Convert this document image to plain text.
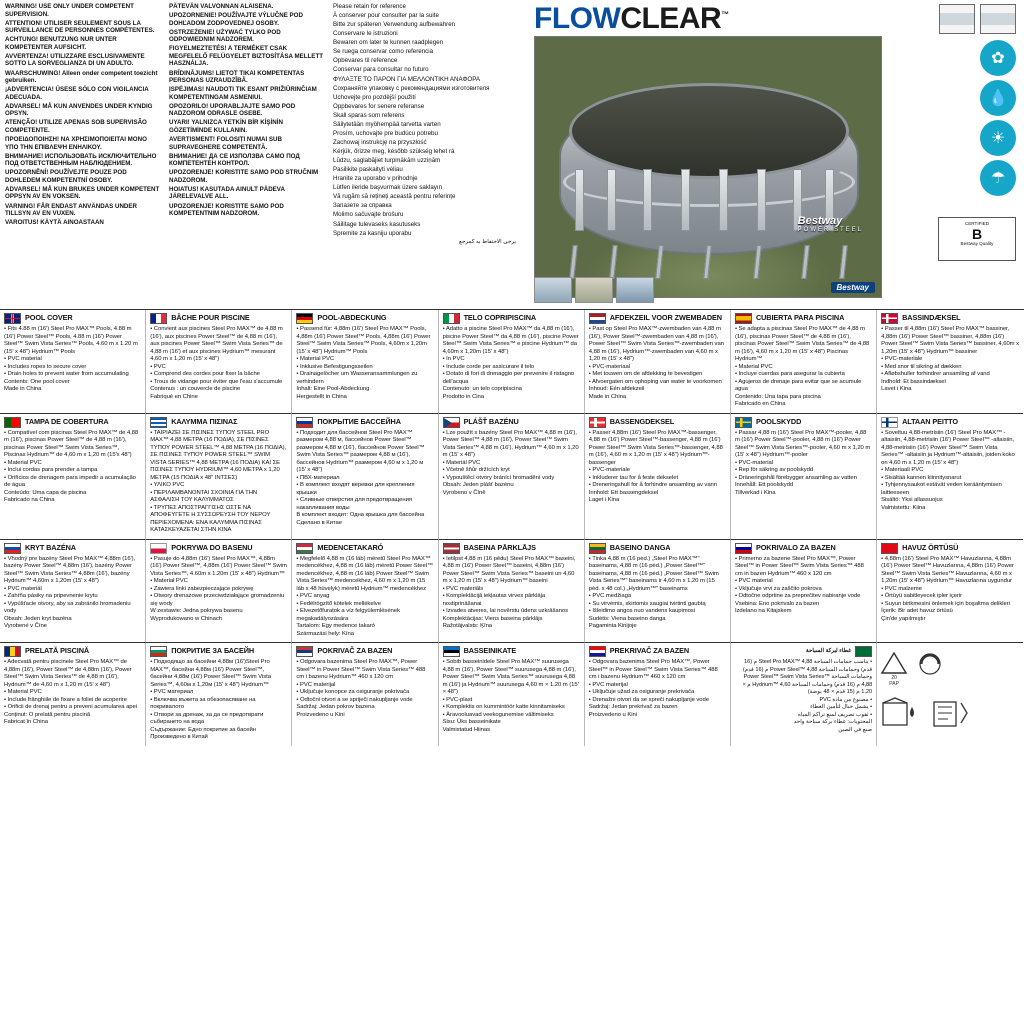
WARNING! USE ONLY UNDER COMPETENT SUPERVISION.

ATTENTION! UTILISER SEULEMENT SOUS LA SURVEILLANCE DE PERSONNES COMPÉTENTES.

ACHTUNG! BENUTZUNG NUR UNTER KOMPETENTER AUFSICHT.

AVVERTENZA! UTILIZZARE ESCLUSIVAMENTE SOTTO LA SORVEGLIANZA DI UN ADULTO.

WAARSCHUWING! Alleen onder competent toezicht gebruiken.

¡ADVERTENCIA! ÚSESE SÓLO CON VIGILANCIA ADECUADA.

ADVARSEL! MÅ KUN ANVENDES UNDER KYNDIG OPSYN.

ATENÇÃO! UTILIZE APENAS SOB SUPERVISÃO COMPETENTE.

ΠΡΟΕΙΔΟΠΟΙΗΣΗ! ΝΑ ΧΡΗΣΙΜΟΠΟΙΕΙΤΑΙ ΜΟΝΟ ΥΠΟ ΤΗΝ ΕΠΙΒΛΕΨΗ ΕΝΗΛΙΚΟΥ.

ВНИМАНИЕ! ИСПОЛЬЗОВАТЬ ИСКЛЮЧИТЕЛЬНО ПОД ОТВЕТСТВЕННЫМ НАБЛЮДЕНИЕМ.

UPOZORNĚNÍ! POUŽÍVEJTE POUZE POD DOHLEDEM KOMPETENTNÍ OSOBY.

ADVARSEL! MÅ KUN BRUKES UNDER KOMPETENT OPPSYN AV EN VOKSEN.

VARNING! FÅR ENDAST ANVÄNDAS UNDER TILLSYN AV EN VUXEN.

VAROITUS! KÄYTÄ AINOASTAAN

PÄTEVÄN VALVONNAN ALAISENA.

UPOZORNENIE! POUŽÍVAJTE VÝLUČNE POD DOHĽADOM ZODPOVEDNEJ OSOBY.

OSTRZEŻENIE! UŻYWAĆ TYLKO POD ODPOWIEDNIM NADZOREM.

FIGYELMEZTETÉS! A TERMÉKET CSAK MEGFELELŐ FELÜGYELET BIZTOSÍTÁSA MELLETT HASZNÁLJA.

BRĪDINĀJUMS! LIETOT TIKAI KOMPETENTAS PERSONAS UZRAUDZĪBĀ.

ĮSPĖJIMAS! NAUDOTI TIK ESANT PRIŽIŪRINČIAM KOMPETENTINGAM ASMENIUI.

OPOZORILO! UPORABLJAJTE SAMO POD NADZOROM ODRASLE OSEBE.

UYARI! YALNIZCA YETKİN BİR KİŞİNİN GÖZETİMİNDE KULLANIN.

AVERTISMENT! FOLOSIȚI NUMAI SUB SUPRAVEGHERE COMPETENTĂ.

ВНИМАНИЕ! ДА СЕ ИЗПОЛЗВА САМО ПОД КОМПЕТЕНТЕН КОНТРОЛ.

UPOZORENJE! KORISTITE SAMO POD STRUČNIM NADZOROM.

HOIATUS! KASUTADA AINULT PÄDEVA JÄRELEVALVE ALL.

UPOZORENJE! KORISTITE SAMO POD KOMPETENTNIM NADZOROM.

Please retain for reference

À conserver pour consulter par la suite

Bitte zur späteren Verwendung aufbewahren

Conservare le istruzioni

Bewaren om later te kunnen raadplegen

Se ruega conservar como referencia

Opbevares til reference

Conservar para consultar no futuro

ΦΥΛΑΞΤΕ ΤΟ ΠΑΡΟΝ ΓΙΑ ΜΕΛΛΟΝΤΙΚΗ ΑΝΑΦΟΡΑ

Сохраняйте упаковку с рекомендациями изготовителя

Uchovejte pro pozdější použití

Oppbevares for senere referanse

Skall sparas som referens

Säilytetään myöhempää tarvetta varten

Prosím, uchovajte pre budúcu potrebu

Zachowaj instrukcję na przyszłość

Kérjük, őrizze meg, később szükség lehet rá

Lūdzu, saglabājiet turpmākām uzziņām

Pasilikite paskaityti vėliau

Hranite za uporabo v prihodnje

Lütfen ileride başvurmak üzere saklayın

Vă rugăm să rețineți această pentru referințe

Запазете за справка

Molimo sačuvajte brošuru

Säilitage tulevaseks kasutuseks

Spremite za kasniju uporabu

يرجى الاحتفاظ به كمرجع

FLOWCLEAR™
Bestway
POWER STEEL
Bestway
✿
💧
☀
☂
CERTIFIED
B
Bestway Quality
POOL COVER

• Fits 4.88 m (16') Steel Pro MAX™ Pools, 4.88 m (16') Power Steel™ Pools, 4.88 m (16') Power Steel™ Swim Vista Series™ Pools, 4.60 m x 1.20 m (15' x 48") Hydrium™ Pools

• PVC material

• Includes ropes to secure cover

• Drain holes to prevent water from accumulating

Contents: One pool cover

Made in China

BÂCHE POUR PISCINE

• Convient aux piscines Steel Pro MAX™ de 4,88 m (16'), aux piscines Power Steel™ de 4,88 m (16'), aux piscines Power Steel™ Swim Vista Series™ de 4,88 m (16') et aux piscines Hydrium™ mesurant 4,60 m x 1,20 m (15' x 48")

• PVC

• Comprend des cordes pour fixer la bâche

• Trous de vidange pour éviter que l'eau s'accumule

Contenus : un couvercle de piscine

Fabriqué en Chine

POOL-ABDECKUNG

• Passend für: 4,88m (16') Steel Pro MAX™ Pools, 4,88m (16') Power Steel™ Pools, 4,88m (16') Power Steel™ Swim Vista Series™ Pools, 4,60m x 1,20m (15' x 48") Hydrium™ Pools

• Material PVC

• Inklusive Befestigungsseilen

• Drainagelöcher um Wasseransammlungen zu verhindern

Inhalt: Eine Pool-Abdeckung

Hergestellt in China

TELO COPRIPISCINA

• Adatto a piscine Steel Pro MAX™ da 4,88 m (16'), piscine Power Steel™ da 4,88 m (16'), piscine Power Steel™ Swim Vista Series™ e piscine Hydrium™ da 4,60m x 1,20m (15' x 48")

• In PVC

• Include corde per assicurare il telo

• Dotato di fori di drenaggio per prevenire il ristagno dell'acqua

Contenuto: un telo copripiscina

Prodotto in Cina

AFDEKZEIL VOOR ZWEMBADEN

• Past op Steel Pro MAX™-zwembaden van 4,88 m (16'), Power Steel™-zwembaden van 4,88 m (16'), Power Steel™ Swim Vista Series™-zwembaden van 4,88 m (16'), Hydrium™-zwembaden van 4,60 m x 1,20 m (15' x 48")

• PVC-materiaal

• Met touwen om de afdekking te bevestigen

• Afvoergaten om ophoping van water te voorkomen

Inhoud: Eén afdekzeil

Made in China

CUBIERTA PARA PISCINA

• Se adapta a piscinas Steel Pro MAX™ de 4,88 m (16'), piscinas Power Steel™ de 4,88 m (16'), piscinas Power Steel™ Swim Vista Series™ de 4,88 m (16'), 4,60 m x 1,20 m (15' x 48") Piscinas Hydrium™

• Material PVC

• Incluye cuerdas para asegurar la cubierta

• Agujeros de drenaje para evitar que se acumule agua

Contenido: Una tapa para piscina

Fabricado en China

BASSINDÆKSEL

• Passer til 4,88m (16') Steel Pro MAX™ bassiner, 4,88m (16') Power Steel™ bassiner, 4,88m (16') Power Steel™ Swim Vista Series™ bassiner, 4,60m x 1,20m (15' x 48") Hydrium™ bassiner

• PVC-materiale

• Med snor til sikring af dækken

• Afløbshuller forhindrer ansamling af vand

Indhold: Et bassindæksel

Lavet i Kina

TAMPA DE COBERTURA

• Compatível com piscinas Steel Pro MAX™ de 4,88 m (16'), piscinas Power Steel™ de 4,88 m (16'), piscinas Power Steel™ Swim Vista Series™, Piscinas Hydrium™ de 4,60 m x 1,20 m (15'x 48")

• Material PVC

• Inclui cordas para prender a tampa

• Orifícios de drenagem para impedir a acumulação de água

Conteúdo: Uma capa de piscina

Fabricado na China

ΚΑΛΥΜΜΑ ΠΙΣΙΝΑΣ

• ΤΑΙΡΙΑΖΕΙ ΣΕ ΠΙΣΙΝΕΣ ΤΥΠΟΥ STEEL PRO MAX™ 4,88 ΜΕΤΡΑ (16 ΠΟΔΙΑ), ΣΕ ΠΙΣΙΝΕΣ ΤΥΠΟΥ POWER STEEL™ 4,88 ΜΕΤΡΑ (16 ΠΟΔΙΑ), ΣΕ ΠΙΣΙΝΕΣ ΤΥΠΟΥ POWER STEEL™ SWIM VISTA SERIES™ 4,88 ΜΕΤΡΑ (16 ΠΟΔΙΑ) ΚΑΙ ΣΕ ΠΙΣΙΝΕΣ ΤΥΠΟΥ HYDRIUM™ 4,60 ΜΕΤΡΑ x 1,20 ΜΕΤΡΑ (15 ΠΟΔΙΑ x 48" ΙΝΤΣΕΣ)

• ΥΛΙΚΟ PVC

• ΠΕΡΙΛΑΜΒΑΝΟΝΤΑΙ ΣΧΟΙΝΙΑ ΓΙΑ ΤΗΝ ΑΣΦΑΛΙΣΗ ΤΟΥ ΚΑΛΥΜΜΑΤΟΣ

• ΤΡΥΠΕΣ ΑΠΟΣΤΡΑΓΓΙΣΗΣ ΩΣΤΕ ΝΑ ΑΠΟΦΕΥΓΕΤΕ Η ΣΥΣΣΩΡΕΥΣΗ ΤΟΥ ΝΕΡΟΥ

ΠΕΡΙΕΧΟΜΕΝΑ: ΕΝΑ ΚΑΛΥΜΜΑ ΠΙΣΙΝΑΣ

ΚΑΤΑΣΚΕΥΑΖΕΤΑΙ ΣΤΗΝ ΚΙΝΑ

ПОКРЫТИЕ БАССЕЙНА

• Подходит для бассейнов Steel Pro MAX™ размером 4,88 м, бассейнов Power Steel™ размером 4,88 м (16'), бассейнов Power Steel™ Swim Vista Series™ размером 4,88 м (16'), бассейнов Hydrium™ размером 4,60 м х 1,20 м (15' x 48")

• ПВХ-материал

• В комплект входят веревки для крепления крышки

• Сливные отверстия для предотвращения накапливания воды

В комплект входит: Одна крышка для бассейна

Сделано в Китае

PLÁŠŤ BAZÉNU

• Lze použít s bazény Steel Pro MAX™ 4,88 m (16'), Power Steel™ 4,88 m (16'), Power Steel™ Swim Vista Series™ 4,88 m (16'), Hydrium™ 4,60 m x 1,20 m (15' x 48")

• Materiál PVC

• Včetně šňůr držících kryt

• Vypouštěcí otvory bránící hromadění vody

Obsah: Jeden plášť bazénu

Vyrobeno v Číně

BASSENGDEKSEL

• Passer 4,88m (16') Steel Pro MAX™-bassenger, 4,88 m (16') Power Steel™-bassenger, 4,88 m (16') Power Steel™ Swim Vista Series™-bassenger, 4,88 m (16'), 4,60 m x 1,20 m (15' x 48") Hydrium™-bassenger

• PVC-materiale

• Inkluderer tau for å feste dekselet

• Dreneringshull for å forhindre ansamling av vann

Innhold: Ett bassengdeksel

Laget i Kina

POOLSKYDD

• Passar 4,88 m (16') Steel Pro MAX™-pooler, 4,88 m (16') Power Steel™-pooler, 4,88 m (16') Power Steel™ Swim Vista Series™-pooler, 4,60 m x 1,20 m (15' x 48") Hydrium™-pooler

• PVC-material

• Rep för säkring av poolskydd

• Dräneringshål förebygger ansamling av vatten

Innehåll: Ett poolskydd

Tillverkad i Kina

ALTAAN PEITTO

• Soveltuu 4,88-metrisiin (16') Steel Pro MAX™ -altaisiin, 4,88-metrisiin (16') Power Steel™ -altaisiin, 4,88-metrisiin (16') Power Steel™ Swim Vista Series™ -altaisiin ja Hydrium™-altaisiin, joiden koko on 4,60 m x 1,20 m (15' x 48")

• Materiaali PVC

• Sisältää kannen kiinnitysnarut

• Tyhjennysaukot estävät veden kerääntymisen laitteeseen

Sisältö: Yksi allassuojus

Valmistettu: Kiina

KRYT BAZÉNA

• Vhodný pre bazény Steel Pro MAX™ 4,88m (16'), bazény Power Steel™ 4,88m (16'), bazény Power Steel™ Swim Vista Series™ 4,88m (16'), bazény Hydrium™ 4,60m x 1,20m (15' x 48")

• PVC materiál

• Zahŕňa pásiky na pripevnenie krytu

• Vypúšťacie otvory, aby sa zabránilo hromadeniu vody

Obsah: Jeden kryt bazéna

Vyrobené v Číne

POKRYWA DO BASENU

• Pasuje do 4,88m (16') Steel Pro MAX™, 4,88m (16') Power Steel™, 4,88m (16') Power Steel™ Swim Vista Series™, 4.60m x 1.20m (15' x 48") Hydrium™

• Materiał PVC

• Zawiera linki zabezpieczające pokrywę

• Otwory drenażowe przeciwdziałające gromadzeniu się wody

W zestawie: Jedna pokrywa basenu

Wyprodukowano w Chinach

MEDENCETAKARÓ

• Megfelelő 4,88 m (16 láb) méretű Steel Pro MAX™ medencékhez, 4,88 m (16 láb) méretű Power Steel™ medencékhez, 4,88 m (16 láb) Power Steel™ Swim Vista Series™ medencékhez, 4,60 m x 1,20 m (15 láb x 48 hüvelyk) méretű Hydrium™ medencékhez

• PVC anyag

• Fedélrögzítő kötelek mellékelve

• Elvezetőfuratok a víz felgyülemlésének megakadályozására

Tartalom: Egy medence takaró

Származási hely: Kína

BASEINA PĀRKLĀJS

• Ietilpst 4,88 m (16 pēdu) Steel Pro MAX™ baseini, 4,88 m (16') Power Steel™ baseini, 4,88m (16') Power Steel™ Swim Vista Series™ baseini un 4,60 m x 1,20 m (15' x 48") Hydrium™ baseini

• PVC materiāls

• Komplektācijā iekļautas virves pārklāja nostiprināšanai

• Izvades atveres, lai novērstu ūdens uzkrāšanos

Komplektācijas: Viens baseina pārklājs

Ražotājvalsts: Ķīna

BASEINO DANGA

• Tinka 4,88 m (16 pėd.) „Steel Pro MAX™" baseinams, 4,88 m (16 pėd.) „Power Steel™" baseinams, 4,88 m (16 pėd.) „Power Steel™ Swim Vista Series™" baseinams ir 4,60 m x 1,20 m (15 pėd. x 48 col.) „Hydrium™" baseinams

• PVC medžiaga

• Su virvėmis, skirtomis saugiai tvirtinti gaubtą

• Išleidimo angos nuo vandens kaupimosi

Sudėtis: Viena baseino danga

Pagaminta Kinijoje

POKRIVALO ZA BAZEN

• Primerno za bazene Steel Pro MAX™, Power Steel™ in Power Steel™ Swim Vista Series™ 488 cm in bazen Hydrium™ 460 x 120 cm

• PVC material

• Vključuje vrvi za zaščito pokrova

• Odtočne odprtine za preprečitev nabiranje vode

Vsebina: Eno pokrivalo za bazen

Izdelano na Kitajskem

HAVUZ ÖRTÜSÜ

• 4,88m (16') Steel Pro MAX™ Havuzlarına, 4,88m (16') Power Steel™ Havuzlarına, 4,88m (16') Power Steel™ Swim Vista Series™ Havuzlarına, 4,60 m x 1,20m (15' x 48") Hydrium™ Havuzlarına uygundur

• PVC malzeme

• Örtüyü sabitleyecek ipler içerir

• Suyun birikmesini önlemek için boşaltma delikleri

İçerik: Bir adet havuz örtüsü

Çin'de yapılmıştır

PRELATĂ PISCINĂ

• Adecvată pentru piscinele Steel Pro MAX™ de 4,88m (16'), Power Steel™ de 4,88m (16'), Power Steel™ Swim Vista Series™ de 4,88 m (16'), Hydrium™ de 4,60 m x 1,20 m (15' x 48")

• Material PVC

• Include frânghiile de fixare a foliei de acoperire

• Orificii de drenaj pentru a preveni acumularea apei

Conținut: O prelată pentru piscină

Fabricat în China

ПОКРИТИЕ ЗА БАСЕЙН

• Подходящо за басейни 4,88м (16')Steel Pro MAX™, басейни 4,88м (16') Power Steel™, басейни 4,88м (16') Power Steel™ Swim Vista Series™, 4,60м x 1,20м (15' x 48") Hydrium™

• PVC материал

• Включва въжета за обезопасяване на покривалото

• Отвори за дренаж, за да се предотврати събирането на вода

Съдържание: Едно покритие за басейн

Произведено в Китай

POKRIVAČ ZA BAZEN

• Odgovara bazenima Steel Pro MAX™, Power Steel™ in Power Steel™ Swim Vista Series™ 488 cm i bazenu Hydrium™ 460 x 120 cm

• PVC materijal

• Uključuje konopce za osiguranje pokrivača

• Odtočni otvori a se spriječi nakupljanje vode

Sadržaj: Jedan pokrov bazena

Proizvedeno u Kini

BASSEINIKATE

• Sobib basseinidele Steel Pro MAX™ suurusega 4,88 m (16'), Power Steel™ suurusega 4,88 m (16'), Power Steel™ Swim Vista Series™ suurusega 4,88 m (16') ja Hydrium™ suurusega 4,60 m × 1,20 m (15' × 48")

• PVC-plast

• Komplektis on kummintöör katte kinnitamiseks

• Äravooluavad veekogunemise vältimiseks

Sisu: Üks basseinikate

Valmistatud Hiinas

PREKRIVAČ ZA BAZEN

• Odgovara bazenima Steel Pro MAX™, Power Steel™ in Power Steel™ Swim Vista Series™ 488 cm i bazenu Hydrium™ 460 x 120 cm

• PVC materijal

• Uključuje užad za osiguranje prekrivača

• Drenažni otvori da se spreči nakupljanje vode

Sadržaj: Jedan prekrivač za bazen

Proizvedeno u Kini

غطاء لبركة السباحة

• يناسب حمامات السباحة Steel Pro MAX™ 4,88 م (16 قدم) وحمامات السباحة Power Steel™ 4,88 م (16 قدم) وحمامات السباحة Power Steel™ Swim Vista Series™ 4,88 م (16 قدم) وحمامات السباحة Hydrium™ 4,60 م × 1,20 م (15 قدم × 48 بوصة)

• مصنوع من مادة PVC

• يشمل حبال لتأمين الغطاء

• ثقوب تصريف لمنع تراكم المياه

المحتويات: غطاء بركة سباحة واحد

صنع في الصين

20
PAP
